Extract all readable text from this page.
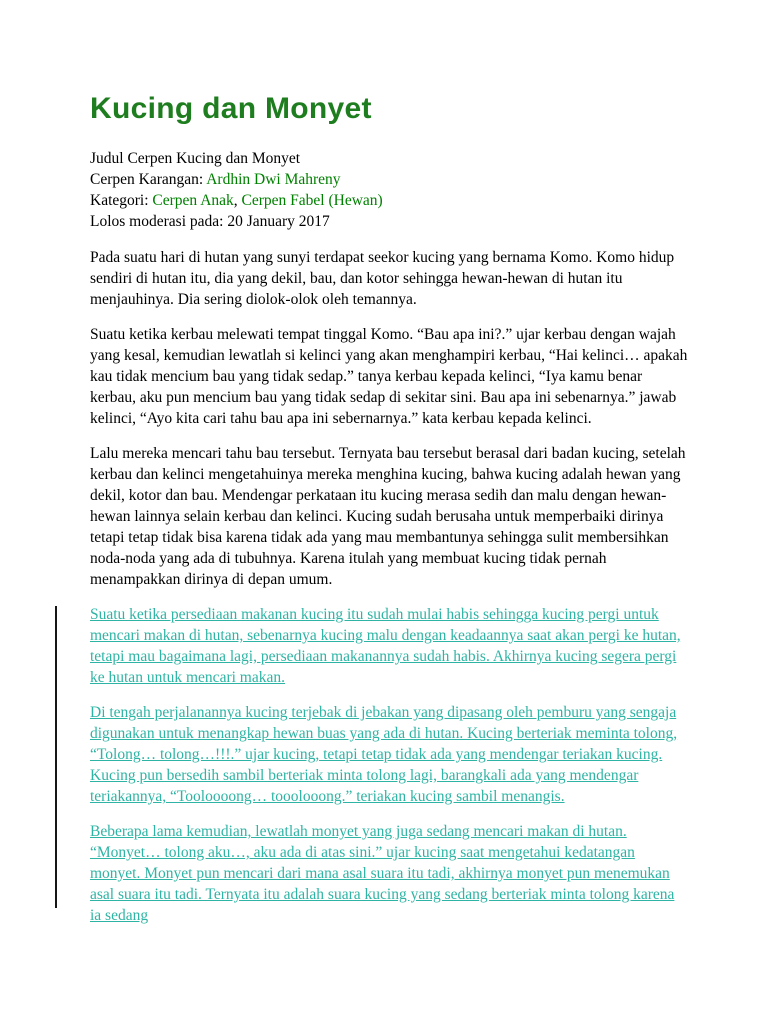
Kucing dan Monyet
Judul Cerpen Kucing dan Monyet
Cerpen Karangan: Ardhin Dwi Mahreny
Kategori: Cerpen Anak, Cerpen Fabel (Hewan)
Lolos moderasi pada: 20 January 2017

Pada suatu hari di hutan yang sunyi terdapat seekor kucing yang bernama Komo. Komo hidup sendiri di hutan itu, dia yang dekil, bau, dan kotor sehingga hewan-hewan di hutan itu menjauhinya. Dia sering diolok-olok oleh temannya.

Suatu ketika kerbau melewati tempat tinggal Komo. “Bau apa ini?.” ujar kerbau dengan wajah yang kesal, kemudian lewatlah si kelinci yang akan menghampiri kerbau, “Hai kelinci… apakah kau tidak mencium bau yang tidak sedap.” tanya kerbau kepada kelinci, “Iya kamu benar kerbau, aku pun mencium bau yang tidak sedap di sekitar sini. Bau apa ini sebenarnya.” jawab kelinci, “Ayo kita cari tahu bau apa ini sebernarnya.” kata kerbau kepada kelinci.

Lalu mereka mencari tahu bau tersebut. Ternyata bau tersebut berasal dari badan kucing, setelah kerbau dan kelinci mengetahuinya mereka menghina kucing, bahwa kucing adalah hewan yang dekil, kotor dan bau. Mendengar perkataan itu kucing merasa sedih dan malu dengan hewan-hewan lainnya selain kerbau dan kelinci. Kucing sudah berusaha untuk memperbaiki dirinya tetapi tetap tidak bisa karena tidak ada yang mau membantunya sehingga sulit membersihkan noda-noda yang ada di tubuhnya. Karena itulah yang membuat kucing tidak pernah menampakkan dirinya di depan umum.

Suatu ketika persediaan makanan kucing itu sudah mulai habis sehingga kucing pergi untuk mencari makan di hutan, sebenarnya kucing malu dengan keadaannya saat akan pergi ke hutan, tetapi mau bagaimana lagi, persediaan makanannya sudah habis. Akhirnya kucing segera pergi ke hutan untuk mencari makan.

Di tengah perjalanannya kucing terjebak di jebakan yang dipasang oleh pemburu yang sengaja digunakan untuk menangkap hewan buas yang ada di hutan. Kucing berteriak meminta tolong, “Tolong… tolong…!!!.” ujar kucing, tetapi tetap tidak ada yang mendengar teriakan kucing. Kucing pun bersedih sambil berteriak minta tolong lagi, barangkali ada yang mendengar teriakannya, “Tooloooong… tooolooong.” teriakan kucing sambil menangis.

Beberapa lama kemudian, lewatlah monyet yang juga sedang mencari makan di hutan. “Monyet… tolong aku…, aku ada di atas sini.” ujar kucing saat mengetahui kedatangan monyet. Monyet pun mencari dari mana asal suara itu tadi, akhirnya monyet pun menemukan asal suara itu tadi. Ternyata itu adalah suara kucing yang sedang berteriak minta tolong karena ia sedang
